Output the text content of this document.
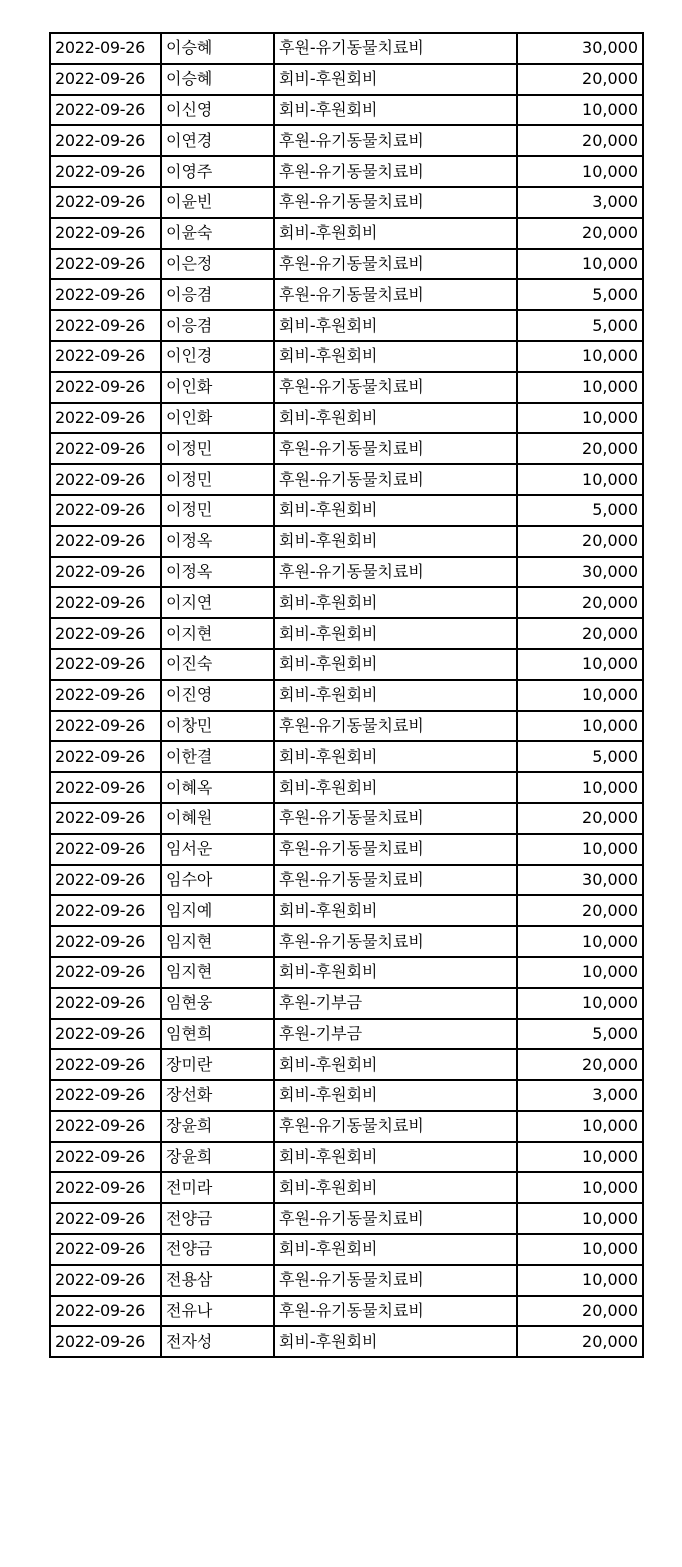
2022-09-26	이승혜	후원-유기동물치료비	30,000
2022-09-26	이승혜	회비-후원회비	20,000
2022-09-26	이신영	회비-후원회비	10,000
2022-09-26	이연경	후원-유기동물치료비	20,000
2022-09-26	이영주	후원-유기동물치료비	10,000
2022-09-26	이윤빈	후원-유기동물치료비	3,000
2022-09-26	이윤숙	회비-후원회비	20,000
2022-09-26	이은정	후원-유기동물치료비	10,000
2022-09-26	이응겸	후원-유기동물치료비	5,000
2022-09-26	이응겸	회비-후원회비	5,000
2022-09-26	이인경	회비-후원회비	10,000
2022-09-26	이인화	후원-유기동물치료비	10,000
2022-09-26	이인화	회비-후원회비	10,000
2022-09-26	이정민	후원-유기동물치료비	20,000
2022-09-26	이정민	후원-유기동물치료비	10,000
2022-09-26	이정민	회비-후원회비	5,000
2022-09-26	이정옥	회비-후원회비	20,000
2022-09-26	이정옥	후원-유기동물치료비	30,000
2022-09-26	이지연	회비-후원회비	20,000
2022-09-26	이지현	회비-후원회비	20,000
2022-09-26	이진숙	회비-후원회비	10,000
2022-09-26	이진영	회비-후원회비	10,000
2022-09-26	이창민	후원-유기동물치료비	10,000
2022-09-26	이한결	회비-후원회비	5,000
2022-09-26	이혜옥	회비-후원회비	10,000
2022-09-26	이혜원	후원-유기동물치료비	20,000
2022-09-26	임서운	후원-유기동물치료비	10,000
2022-09-26	임수아	후원-유기동물치료비	30,000
2022-09-26	임지예	회비-후원회비	20,000
2022-09-26	임지현	후원-유기동물치료비	10,000
2022-09-26	임지현	회비-후원회비	10,000
2022-09-26	임현웅	후원-기부금	10,000
2022-09-26	임현희	후원-기부금	5,000
2022-09-26	장미란	회비-후원회비	20,000
2022-09-26	장선화	회비-후원회비	3,000
2022-09-26	장윤희	후원-유기동물치료비	10,000
2022-09-26	장윤희	회비-후원회비	10,000
2022-09-26	전미라	회비-후원회비	10,000
2022-09-26	전양금	후원-유기동물치료비	10,000
2022-09-26	전양금	회비-후원회비	10,000
2022-09-26	전용삼	후원-유기동물치료비	10,000
2022-09-26	전유나	후원-유기동물치료비	20,000
2022-09-26	전자성	회비-후원회비	20,000
